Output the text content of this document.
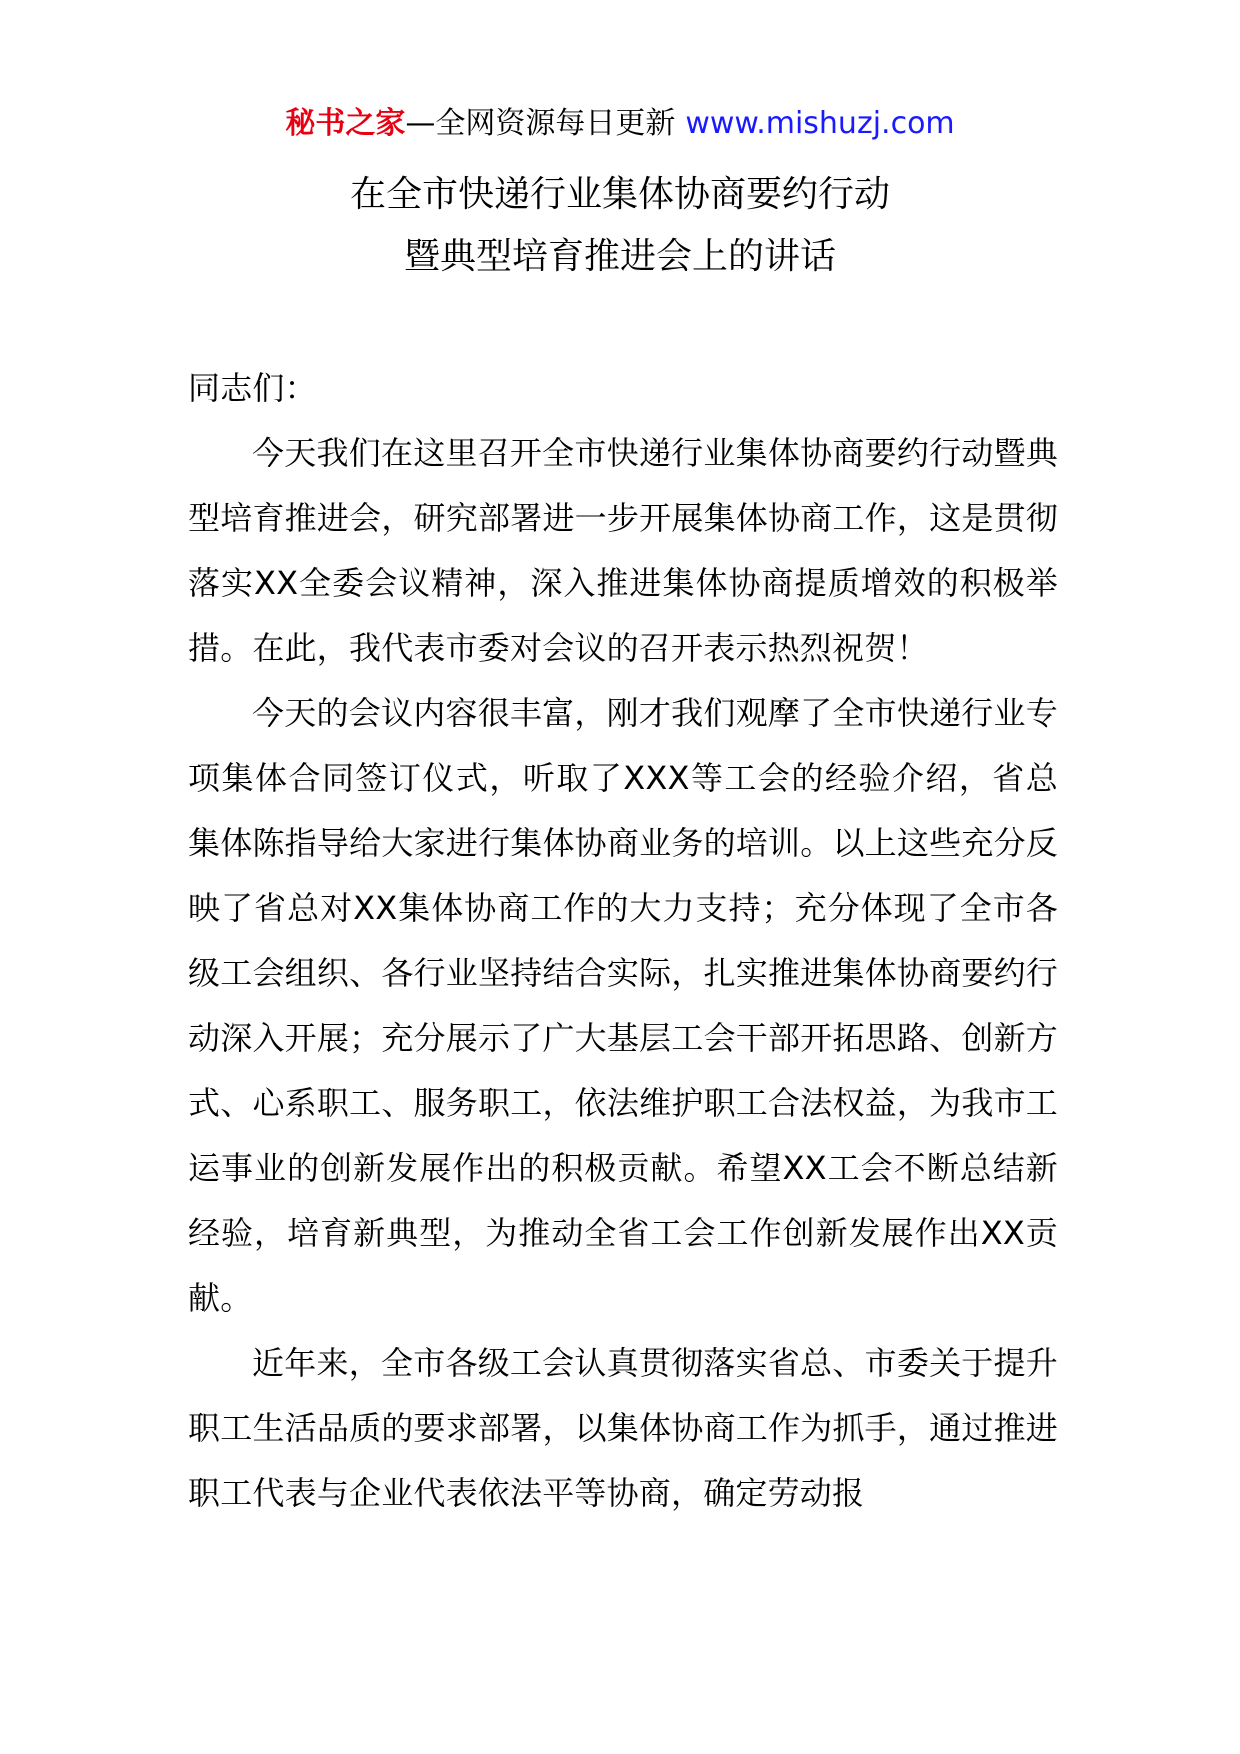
秘书之家—全网资源每日更新 www.mishuzj.com
在全市快递行业集体协商要约行动
暨典型培育推进会上的讲话

同志们：

今天我们在这里召开全市快递行业集体协商要约行动暨典型培育推进会，研究部署进一步开展集体协商工作，这是贯彻落实XX全委会议精神，深入推进集体协商提质增效的积极举措。在此，我代表市委对会议的召开表示热烈祝贺！

今天的会议内容很丰富，刚才我们观摩了全市快递行业专项集体合同签订仪式，听取了XXX等工会的经验介绍，省总集体陈指导给大家进行集体协商业务的培训。以上这些充分反映了省总对XX集体协商工作的大力支持；充分体现了全市各级工会组织、各行业坚持结合实际，扎实推进集体协商要约行动深入开展；充分展示了广大基层工会干部开拓思路、创新方式、心系职工、服务职工，依法维护职工合法权益，为我市工运事业的创新发展作出的积极贡献。希望XX工会不断总结新经验，培育新典型，为推动全省工会工作创新发展作出XX贡献。

近年来，全市各级工会认真贯彻落实省总、市委关于提升职工生活品质的要求部署，以集体协商工作为抓手，通过推进职工代表与企业代表依法平等协商，确定劳动报
